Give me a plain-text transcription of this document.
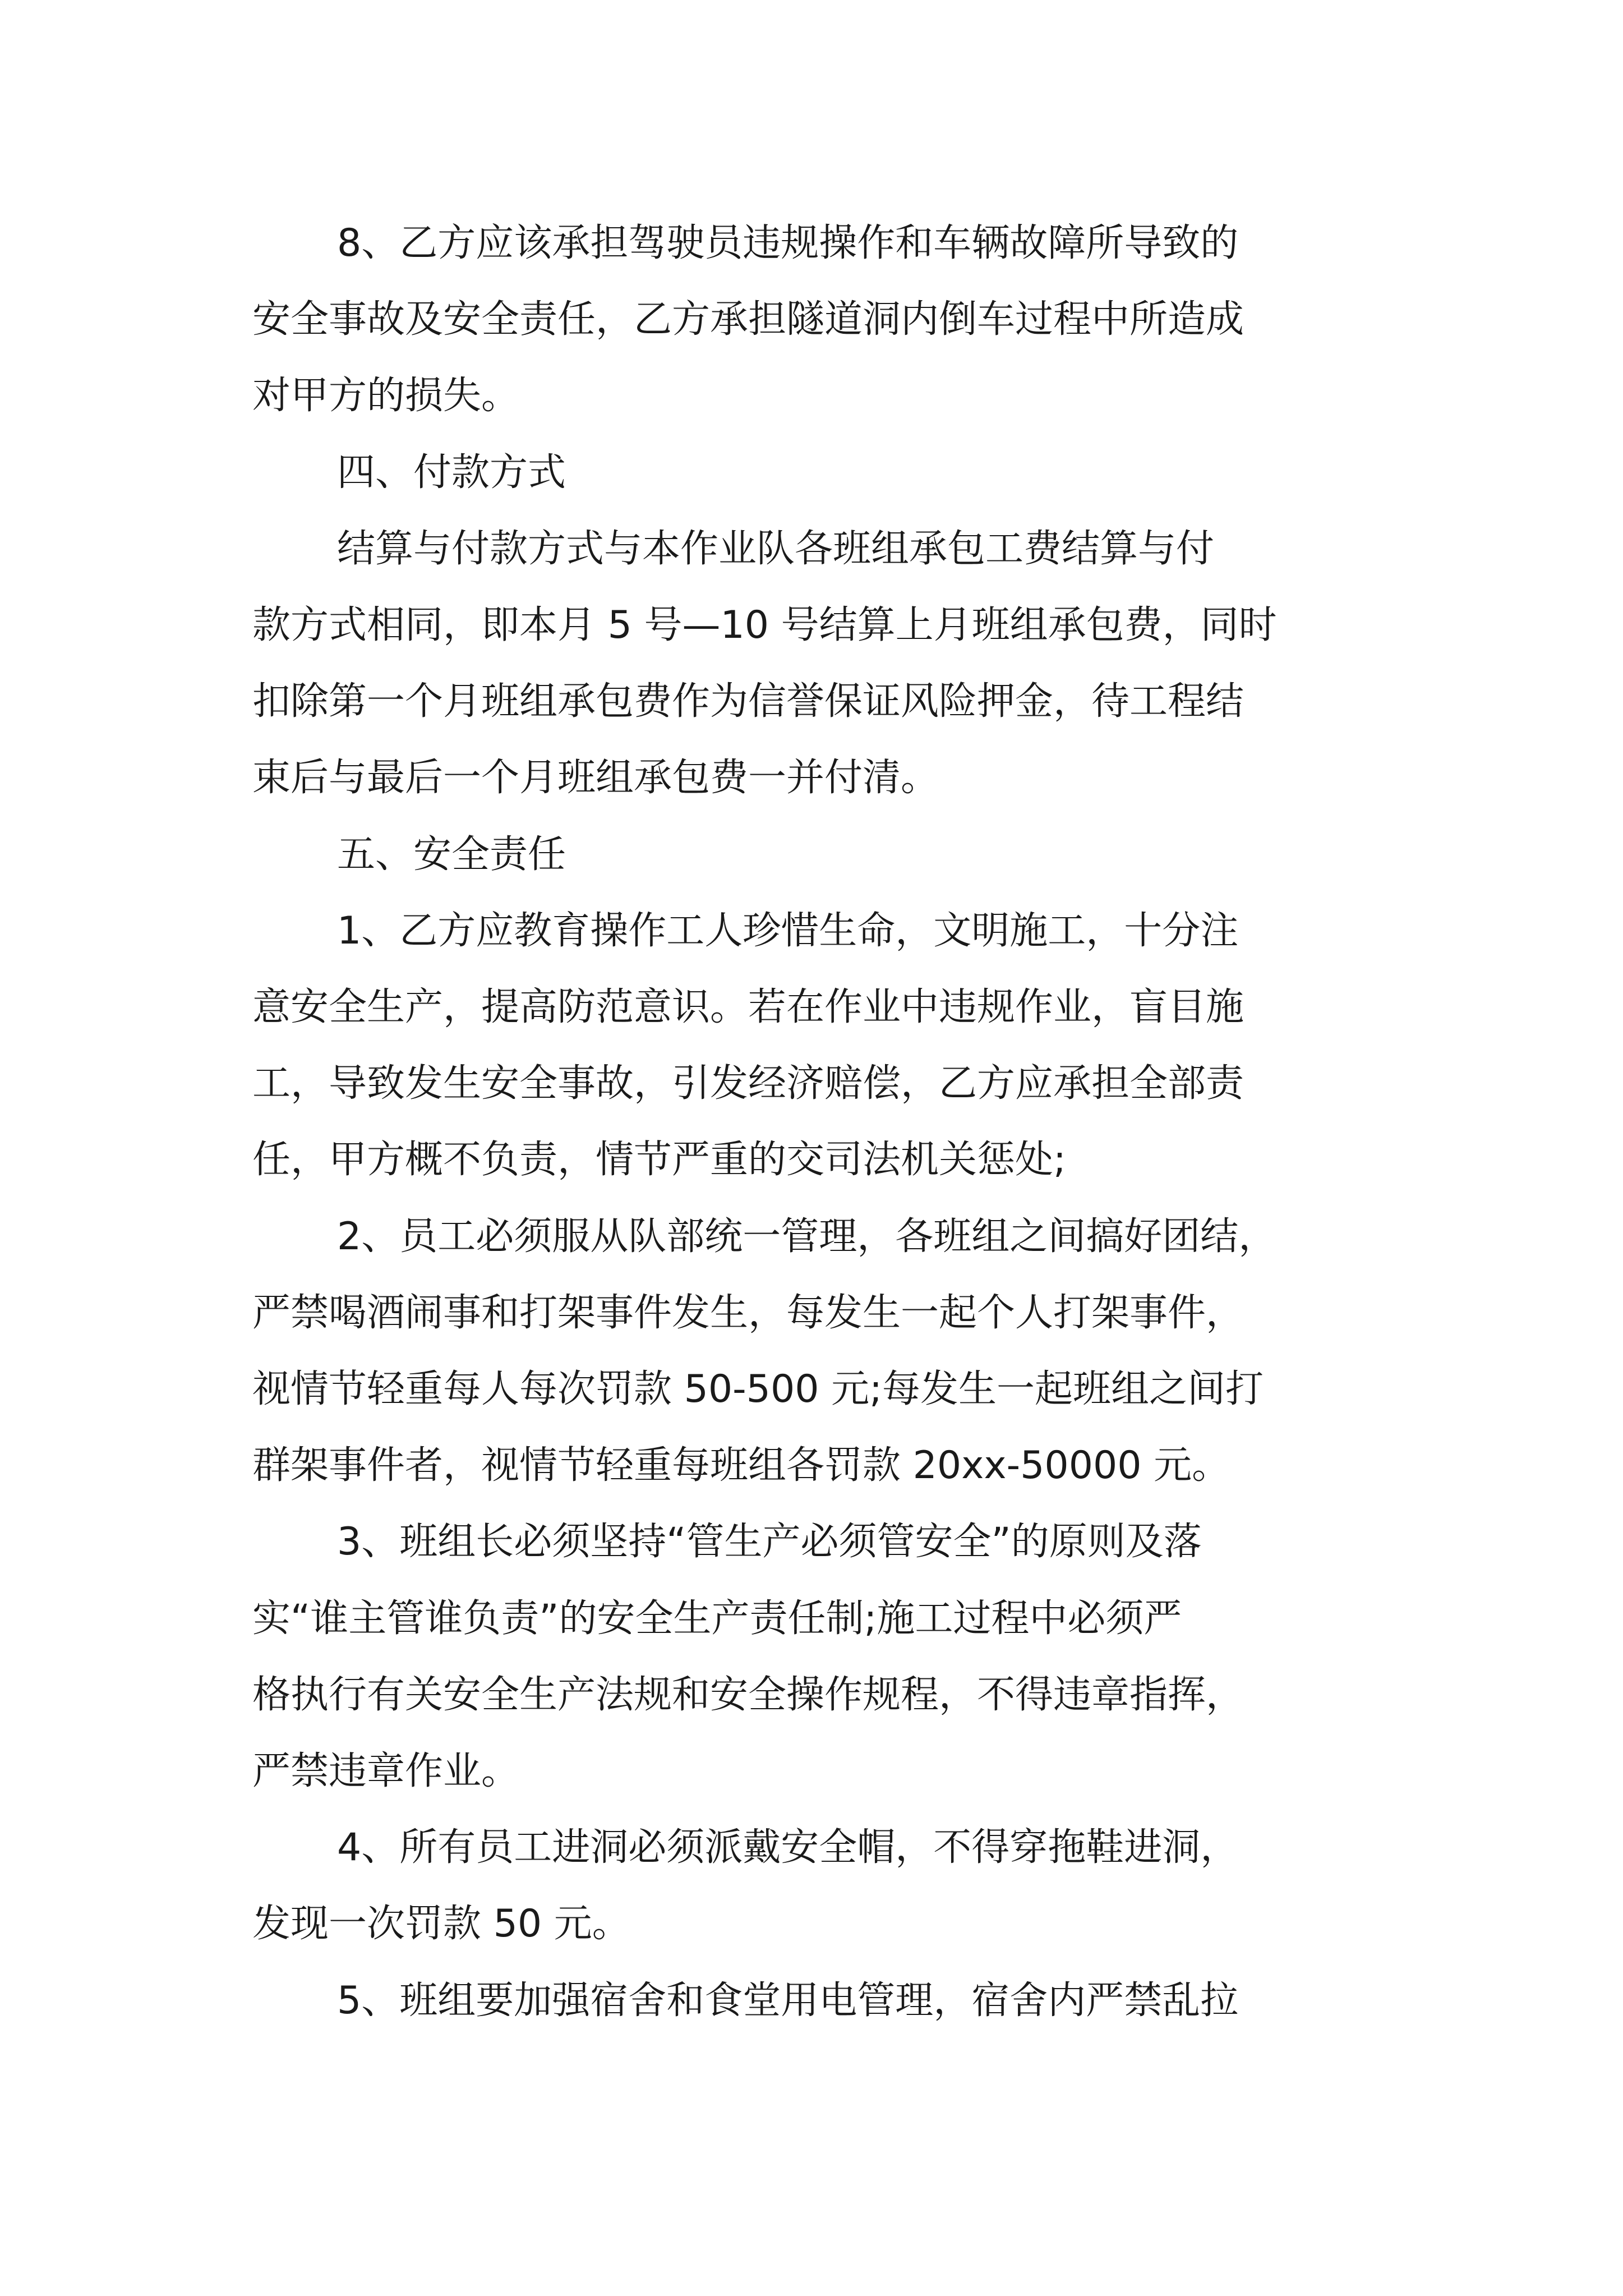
8、乙方应该承担驾驶员违规操作和车辆故障所导致的

安全事故及安全责任，乙方承担隧道洞内倒车过程中所造成

对甲方的损失。

四、付款方式

结算与付款方式与本作业队各班组承包工费结算与付

款方式相同，即本月 5 号—10 号结算上月班组承包费，同时

扣除第一个月班组承包费作为信誉保证风险押金，待工程结

束后与最后一个月班组承包费一并付清。

五、安全责任

1、乙方应教育操作工人珍惜生命，文明施工，十分注

意安全生产，提高防范意识。若在作业中违规作业，盲目施

工，导致发生安全事故，引发经济赔偿，乙方应承担全部责

任，甲方概不负责，情节严重的交司法机关惩处;

2、员工必须服从队部统一管理，各班组之间搞好团结，

严禁喝酒闹事和打架事件发生，每发生一起个人打架事件，

视情节轻重每人每次罚款 50-500 元;每发生一起班组之间打

群架事件者，视情节轻重每班组各罚款 20xx-50000 元。

3、班组长必须坚持“管生产必须管安全”的原则及落

实“谁主管谁负责”的安全生产责任制;施工过程中必须严

格执行有关安全生产法规和安全操作规程，不得违章指挥，

严禁违章作业。

4、所有员工进洞必须派戴安全帽，不得穿拖鞋进洞，

发现一次罚款 50 元。

5、班组要加强宿舍和食堂用电管理，宿舍内严禁乱拉
